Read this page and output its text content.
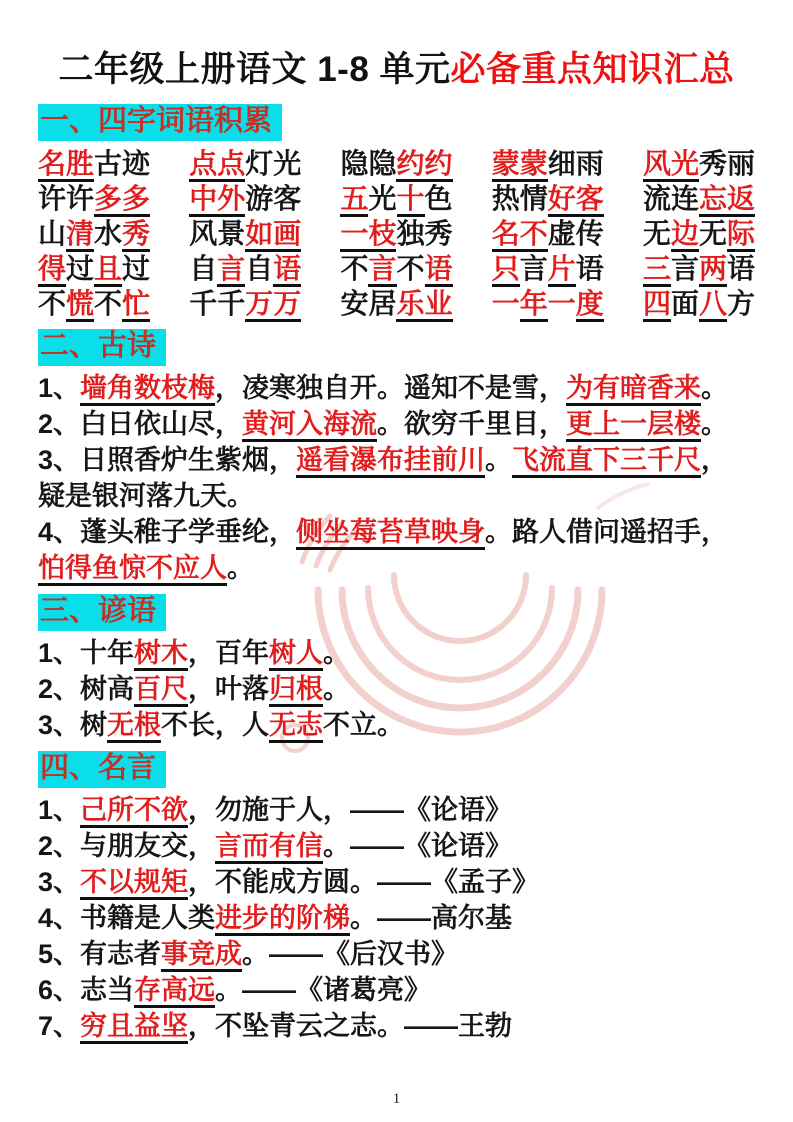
二年级上册语文 1-8 单元必备重点知识汇总
一、四字词语积累
名胜古迹 点点灯光 隐隐约约 蒙蒙细雨 风光秀丽
许许多多 中外游客 五光十色 热情好客 流连忘返
山清水秀 风景如画 一枝独秀 名不虚传 无边无际
得过且过 自言自语 不言不语 只言片语 三言两语
不慌不忙 千千万万 安居乐业 一年一度 四面八方
二、古诗

1、墙角数枝梅，凌寒独自开。遥知不是雪，为有暗香来。

2、白日依山尽，黄河入海流。欲穷千里目，更上一层楼。

3、日照香炉生紫烟，遥看瀑布挂前川。飞流直下三千尺，疑是银河落九天。

4、蓬头稚子学垂纶，侧坐莓苔草映身。路人借问遥招手，怕得鱼惊不应人。

三、谚语

1、十年树木，百年树人。

2、树高百尺，叶落归根。

3、树无根不长，人无志不立。

四、名言

1、己所不欲，勿施于人，——《论语》

2、与朋友交，言而有信。——《论语》

3、不以规矩，不能成方圆。——《孟子》

4、书籍是人类进步的阶梯。——高尔基

5、有志者事竞成。——《后汉书》

6、志当存高远。——《诸葛亮》

7、穷且益坚，不坠青云之志。——王勃

1
